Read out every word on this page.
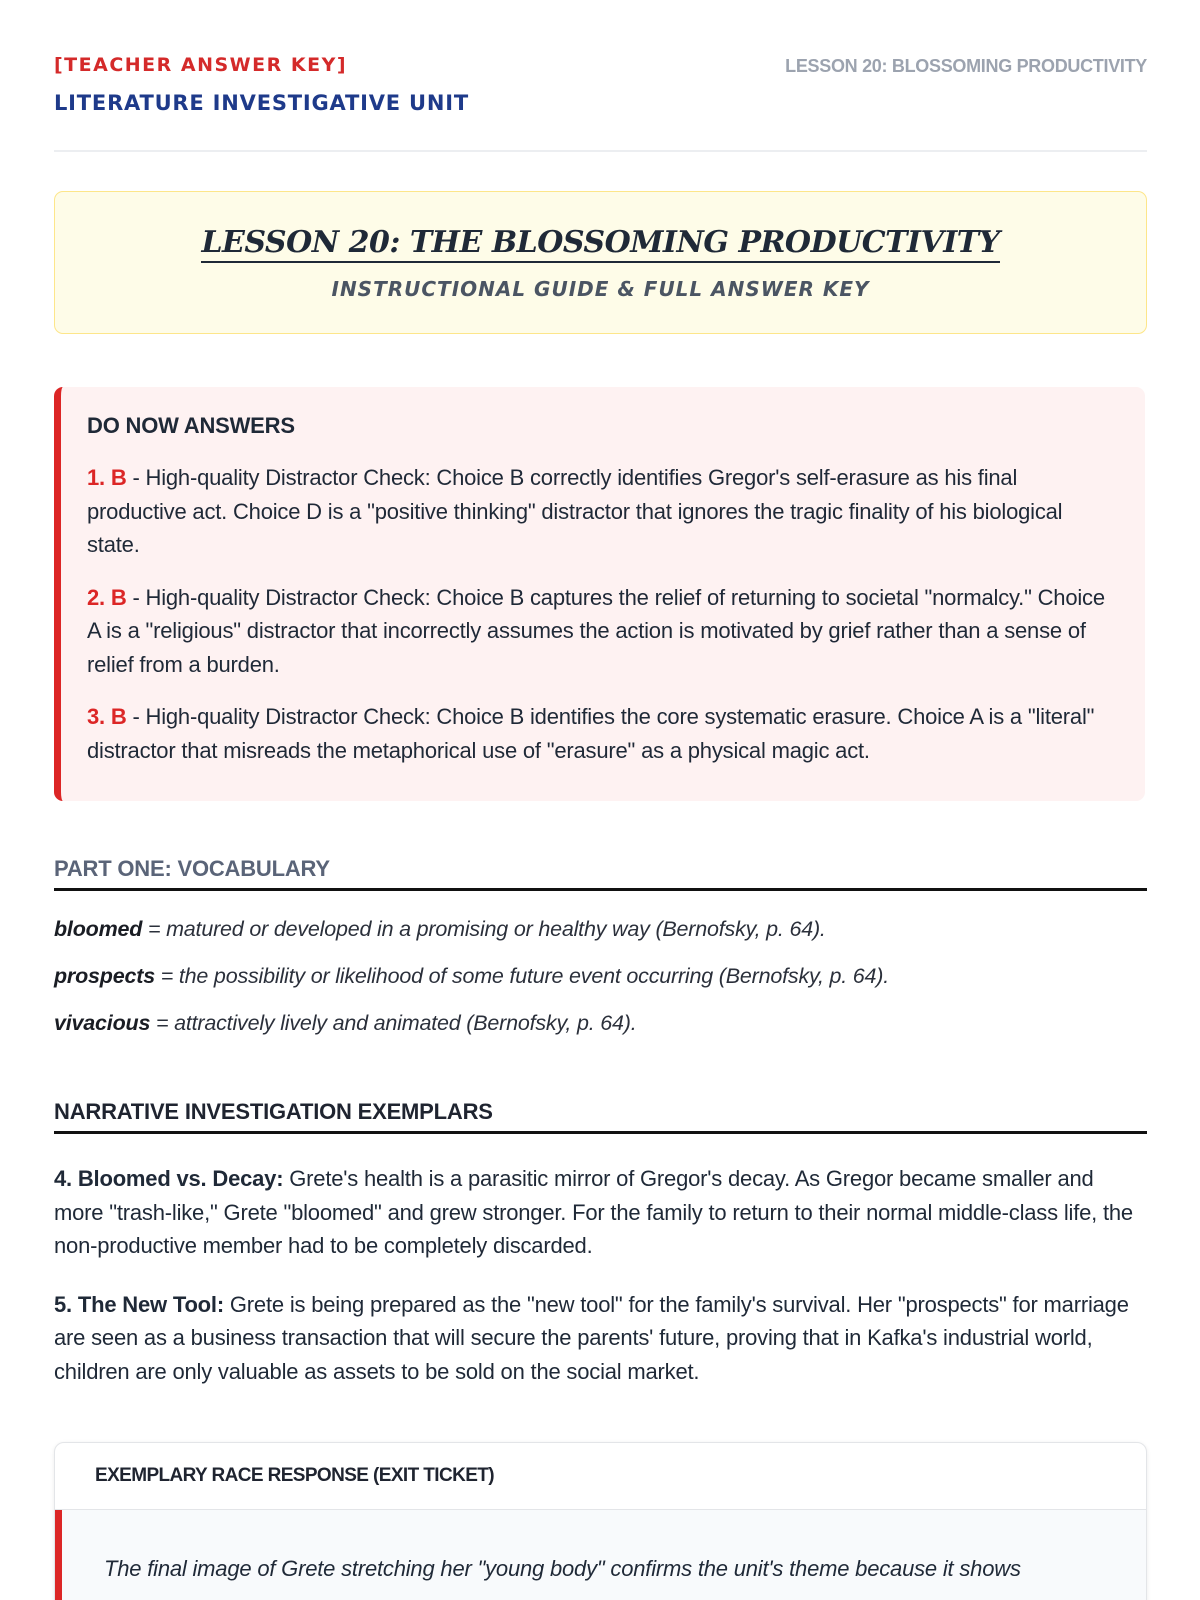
[TEACHER ANSWER KEY]
LITERATURE INVESTIGATIVE UNIT
LESSON 20: BLOSSOMING PRODUCTIVITY
LESSON 20: THE BLOSSOMING PRODUCTIVITY
INSTRUCTIONAL GUIDE & FULL ANSWER KEY
DO NOW ANSWERS

1. B - High-quality Distractor Check: Choice B correctly identifies Gregor's self-erasure as his final productive act. Choice D is a "positive thinking" distractor that ignores the tragic finality of his biological state.

2. B - High-quality Distractor Check: Choice B captures the relief of returning to societal "normalcy." Choice A is a "religious" distractor that incorrectly assumes the action is motivated by grief rather than a sense of relief from a burden.

3. B - High-quality Distractor Check: Choice B identifies the core systematic erasure. Choice A is a "literal" distractor that misreads the metaphorical use of "erasure" as a physical magic act.

PART ONE: VOCABULARY
bloomed = matured or developed in a promising or healthy way (Bernofsky, p. 64).
prospects = the possibility or likelihood of some future event occurring (Bernofsky, p. 64).
vivacious = attractively lively and animated (Bernofsky, p. 64).
NARRATIVE INVESTIGATION EXEMPLARS

4. Bloomed vs. Decay: Grete's health is a parasitic mirror of Gregor's decay. As Gregor became smaller and more "trash-like," Grete "bloomed" and grew stronger. For the family to return to their normal middle-class life, the non-productive member had to be completely discarded.

5. The New Tool: Grete is being prepared as the "new tool" for the family's survival. Her "prospects" for marriage are seen as a business transaction that will secure the parents' future, proving that in Kafka's industrial world, children are only valuable as assets to be sold on the social market.

EXEMPLARY RACE RESPONSE (EXIT TICKET)
The final image of Grete stretching her "young body" confirms the unit's theme because it shows
